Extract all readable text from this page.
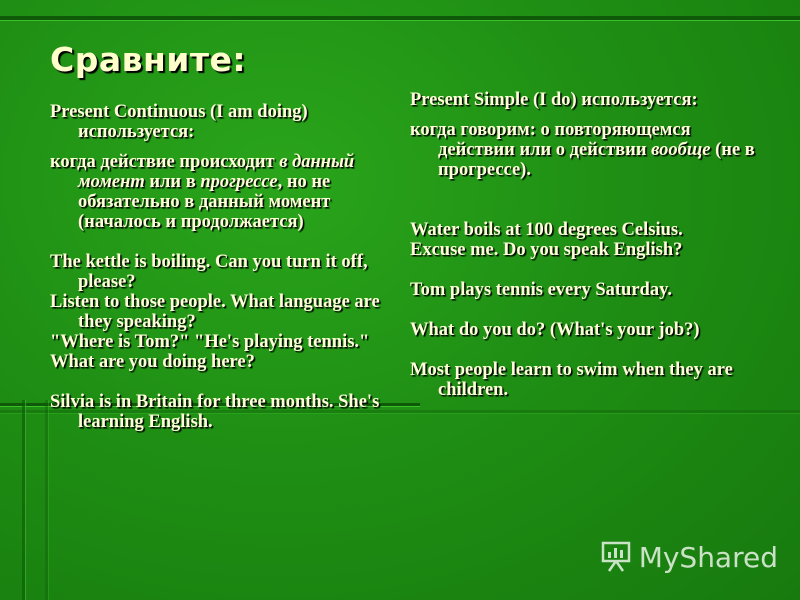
Сравните:

Present Continuous (I am doing) используется:

когда действие происходит в данный момент или в прогрессе, но не обязательно в данный момент (началось и продолжается)

The kettle is boiling. Can you turn it off, please?
Listen to those people. What language are they speaking?
"Where is Tom?" "He's playing tennis."
What are you doing here?
Silvia is in Britain for three months. She's learning English.

Present Simple (I do) используется:

когда говорим: о повторяющемся действии или о действии вообще (не в прогрессе).

Water boils at 100 degrees Celsius.
Excuse me. Do you speak English?
Tom plays tennis every Saturday.
What do you do? (What's your job?)
Most people learn to swim when they are children.

MyShared
